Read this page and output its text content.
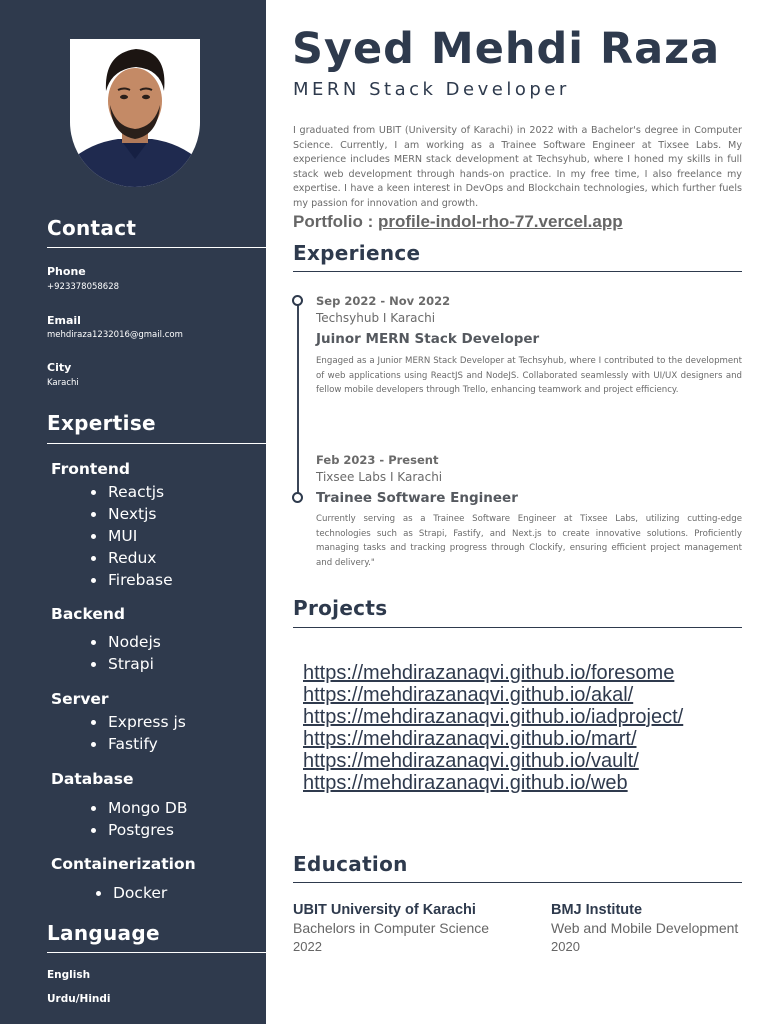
Contact
Phone
+923378058628
Email
mehdiraza1232016@gmail.com
City
Karachi
Expertise
Frontend
Reactjs
Nextjs
MUI
Redux
Firebase
Backend
Nodejs
Strapi
Server
Express js
Fastify
Database
Mongo DB
Postgres
Containerization
Docker
Language
English
Urdu/Hindi
Syed Mehdi Raza
MERN Stack Developer

I graduated from UBIT (University of Karachi) in 2022 with a Bachelor's degree in Computer Science. Currently, I am working as a Trainee Software Engineer at Tixsee Labs. My experience includes MERN stack development at Techsyhub, where I honed my skills in full stack web development through hands-on practice. In my free time, I also freelance my expertise. I have a keen interest in DevOps and Blockchain technologies, which further fuels my passion for innovation and growth.

Portfolio : profile-indol-rho-77.vercel.app
Experience
Sep 2022 - Nov 2022
Techsyhub I Karachi
Juinor MERN Stack Developer

Engaged as a Junior MERN Stack Developer at Techsyhub, where I contributed to the development of web applications using ReactJS and NodeJS. Collaborated seamlessly with UI/UX designers and fellow mobile developers through Trello, enhancing teamwork and project efficiency.

Feb 2023 - Present
Tixsee Labs I Karachi
Trainee Software Engineer

Currently serving as a Trainee Software Engineer at Tixsee Labs, utilizing cutting-edge technologies such as Strapi, Fastify, and Next.js to create innovative solutions. Proficiently managing tasks and tracking progress through Clockify, ensuring efficient project management and delivery."

Projects
https://mehdirazanaqvi.github.io/foresome
https://mehdirazanaqvi.github.io/akal/
https://mehdirazanaqvi.github.io/iadproject/
https://mehdirazanaqvi.github.io/mart/
https://mehdirazanaqvi.github.io/vault/
https://mehdirazanaqvi.github.io/web
Education
UBIT University of Karachi
Bachelors in Computer Science
2022
BMJ Institute
Web and Mobile Development
2020
